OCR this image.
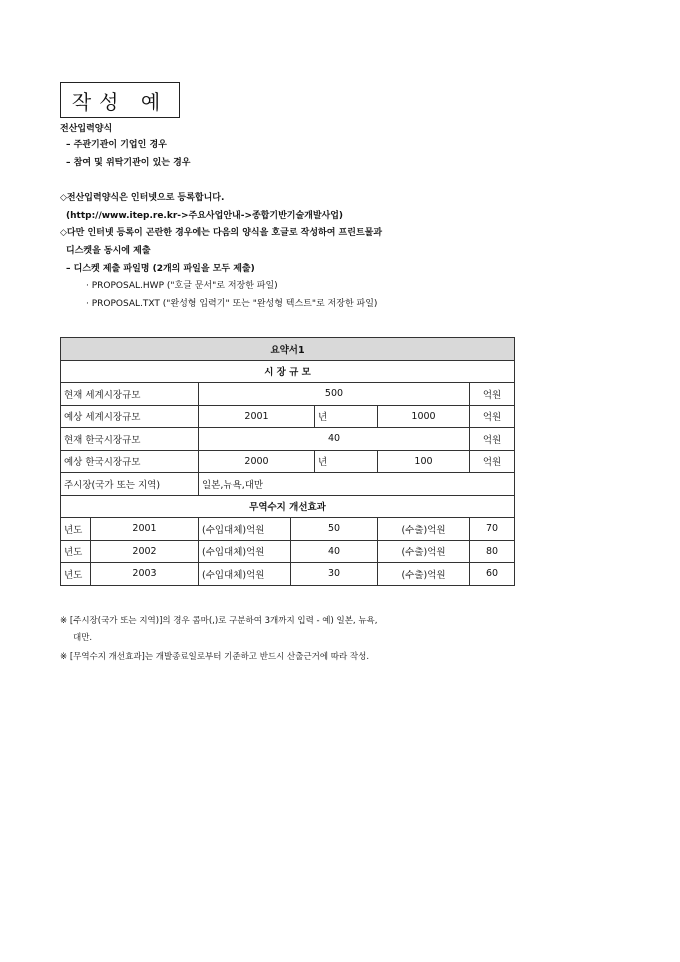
작성 예
전산입력양식
– 주관기관이 기업인 경우
– 참여 및 위탁기관이 있는 경우
◇전산입력양식은 인터넷으로 등록합니다.
(http://www.itep.re.kr->주요사업안내->종합기반기술개발사업)
◇다만 인터넷 등록이 곤란한 경우에는 다음의 양식을 호글로 작성하여 프린트물과
디스켓을 동시에 제출
– 디스켓 제출 파일명 (2개의 파일을 모두 제출)
· PROPOSAL.HWP ("호글 문서"로 저장한 파일)
· PROPOSAL.TXT ("완성형 입력기" 또는 "완성형 텍스트"로 저장한 파일)
요약서1						
시 장 규 모						
현재 세계시장규모		500				억원
예상 세계시장규모		2001		년	1000	억원
현재 한국시장규모		40				억원
예상 한국시장규모		2000		년	100	억원
주시장(국가 또는 지역)		일본,뉴욕,대만				
무역수지 개선효과						
년도	2001	(수입대체)억원	50		(수출)억원	70
년도	2002	(수입대체)억원	40		(수출)억원	80
년도	2003	(수입대체)억원	30		(수출)억원	60
※ [주시장(국가 또는 지역)]의 경우 콤마(,)로 구분하여 3개까지 입력 - 예) 일본, 뉴욕,
대만.
※ [무역수지 개선효과]는 개발종료일로부터 기준하고 반드시 산출근거에 따라 작성.
